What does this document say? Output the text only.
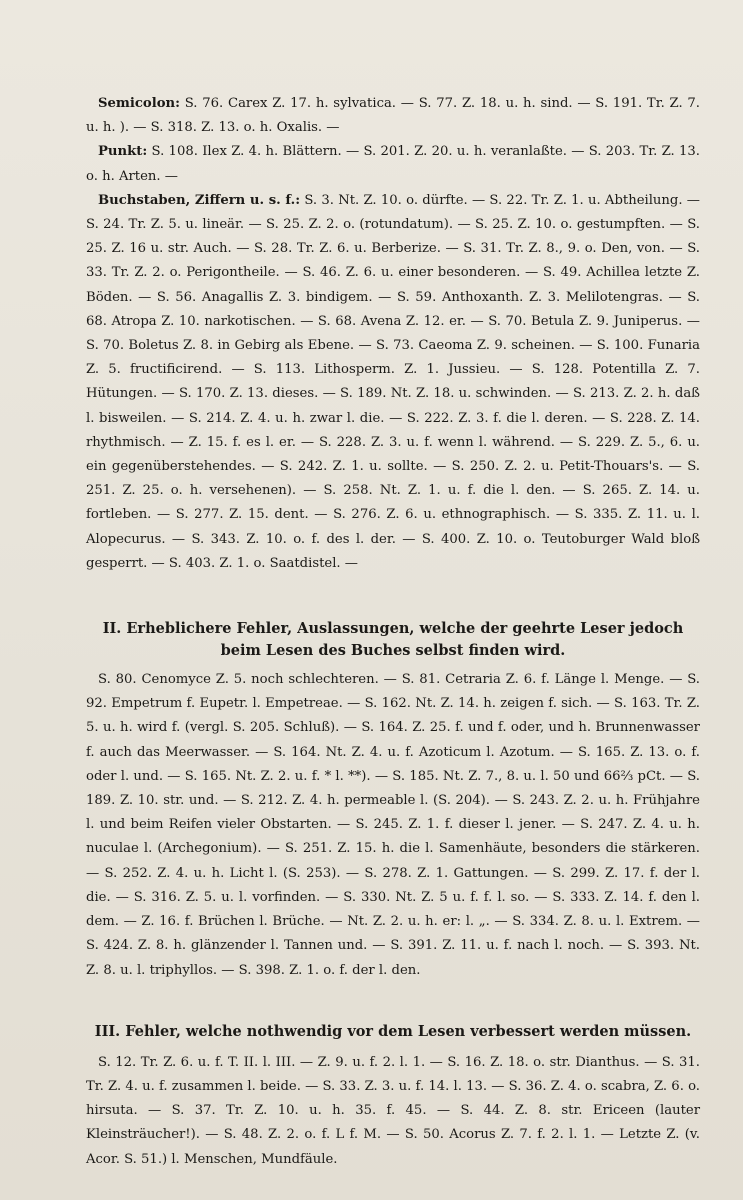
Semicolon: S. 76. Carex Z. 17. h. sylvatica. — S. 77. Z. 18. u. h. sind. — S. 191. Tr. Z. 7. u. h. ). — S. 318. Z. 13. o. h. Oxalis. —

Punkt: S. 108. Ilex Z. 4. h. Blättern. — S. 201. Z. 20. u. h. veranlaßte. — S. 203. Tr. Z. 13. o. h. Arten. —

Buchstaben, Ziffern u. s. f.: S. 3. Nt. Z. 10. o. dürfte. — S. 22. Tr. Z. 1. u. Abtheilung. — S. 24. Tr. Z. 5. u. lineär. — S. 25. Z. 2. o. (rotundatum). — S. 25. Z. 10. o. gestumpften. — S. 25. Z. 16 u. str. Auch. — S. 28. Tr. Z. 6. u. Berberize. — S. 31. Tr. Z. 8., 9. o. Den, von. — S. 33. Tr. Z. 2. o. Perigontheile. — S. 46. Z. 6. u. einer besonderen. — S. 49. Achillea letzte Z. Böden. — S. 56. Anagallis Z. 3. bindigem. — S. 59. Anthoxanth. Z. 3. Melilotengras. — S. 68. Atropa Z. 10. narkotischen. — S. 68. Avena Z. 12. er. — S. 70. Betula Z. 9. Juniperus. — S. 70. Boletus Z. 8. in Gebirg als Ebene. — S. 73. Caeoma Z. 9. scheinen. — S. 100. Funaria Z. 5. fructificirend. — S. 113. Lithosperm. Z. 1. Jussieu. — S. 128. Potentilla Z. 7. Hütungen. — S. 170. Z. 13. dieses. — S. 189. Nt. Z. 18. u. schwinden. — S. 213. Z. 2. h. daß l. bisweilen. — S. 214. Z. 4. u. h. zwar l. die. — S. 222. Z. 3. f. die l. deren. — S. 228. Z. 14. rhythmisch. — Z. 15. f. es l. er. — S. 228. Z. 3. u. f. wenn l. während. — S. 229. Z. 5., 6. u. ein gegenüberstehendes. — S. 242. Z. 1. u. sollte. — S. 250. Z. 2. u. Petit-Thouars's. — S. 251. Z. 25. o. h. versehenen). — S. 258. Nt. Z. 1. u. f. die l. den. — S. 265. Z. 14. u. fortleben. — S. 277. Z. 15. dent. — S. 276. Z. 6. u. ethnographisch. — S. 335. Z. 11. u. l. Alopecurus. — S. 343. Z. 10. o. f. des l. der. — S. 400. Z. 10. o. Teutoburger Wald bloß gesperrt. — S. 403. Z. 1. o. Saatdistel. —

II. Erheblichere Fehler, Auslassungen, welche der geehrte Leser jedoch beim Lesen des Buches selbst finden wird.

S. 80. Cenomyce Z. 5. noch schlechteren. — S. 81. Cetraria Z. 6. f. Länge l. Menge. — S. 92. Empetrum f. Eupetr. l. Empetreae. — S. 162. Nt. Z. 14. h. zeigen f. sich. — S. 163. Tr. Z. 5. u. h. wird f. (vergl. S. 205. Schluß). — S. 164. Z. 25. f. und f. oder, und h. Brunnenwasser f. auch das Meerwasser. — S. 164. Nt. Z. 4. u. f. Azoticum l. Azotum. — S. 165. Z. 13. o. f. oder l. und. — S. 165. Nt. Z. 2. u. f. * l. **). — S. 185. Nt. Z. 7., 8. u. l. 50 und 66⅔ pCt. — S. 189. Z. 10. str. und. — S. 212. Z. 4. h. permeable l. (S. 204). — S. 243. Z. 2. u. h. Frühjahre l. und beim Reifen vieler Obstarten. — S. 245. Z. 1. f. dieser l. jener. — S. 247. Z. 4. u. h. nuculae l. (Archegonium). — S. 251. Z. 15. h. die l. Samenhäute, besonders die stärkeren. — S. 252. Z. 4. u. h. Licht l. (S. 253). — S. 278. Z. 1. Gattungen. — S. 299. Z. 17. f. der l. die. — S. 316. Z. 5. u. l. vorfinden. — S. 330. Nt. Z. 5 u. f. f. l. so. — S. 333. Z. 14. f. den l. dem. — Z. 16. f. Brüchen l. Brüche. — Nt. Z. 2. u. h. er: l. „. — S. 334. Z. 8. u. l. Extrem. — S. 424. Z. 8. h. glänzender l. Tannen und. — S. 391. Z. 11. u. f. nach l. noch. — S. 393. Nt. Z. 8. u. l. triphyllos. — S. 398. Z. 1. o. f. der l. den.

III. Fehler, welche nothwendig vor dem Lesen verbessert werden müssen.

S. 12. Tr. Z. 6. u. f. T. II. l. III. — Z. 9. u. f. 2. l. 1. — S. 16. Z. 18. o. str. Dianthus. — S. 31. Tr. Z. 4. u. f. zusammen l. beide. — S. 33. Z. 3. u. f. 14. l. 13. — S. 36. Z. 4. o. scabra, Z. 6. o. hirsuta. — S. 37. Tr. Z. 10. u. h. 35. f. 45. — S. 44. Z. 8. str. Ericeen (lauter Kleinsträucher!). — S. 48. Z. 2. o. f. L f. M. — S. 50. Acorus Z. 7. f. 2. l. 1. — Letzte Z. (v. Acor. S. 51.) l. Menschen, Mundfäule.
